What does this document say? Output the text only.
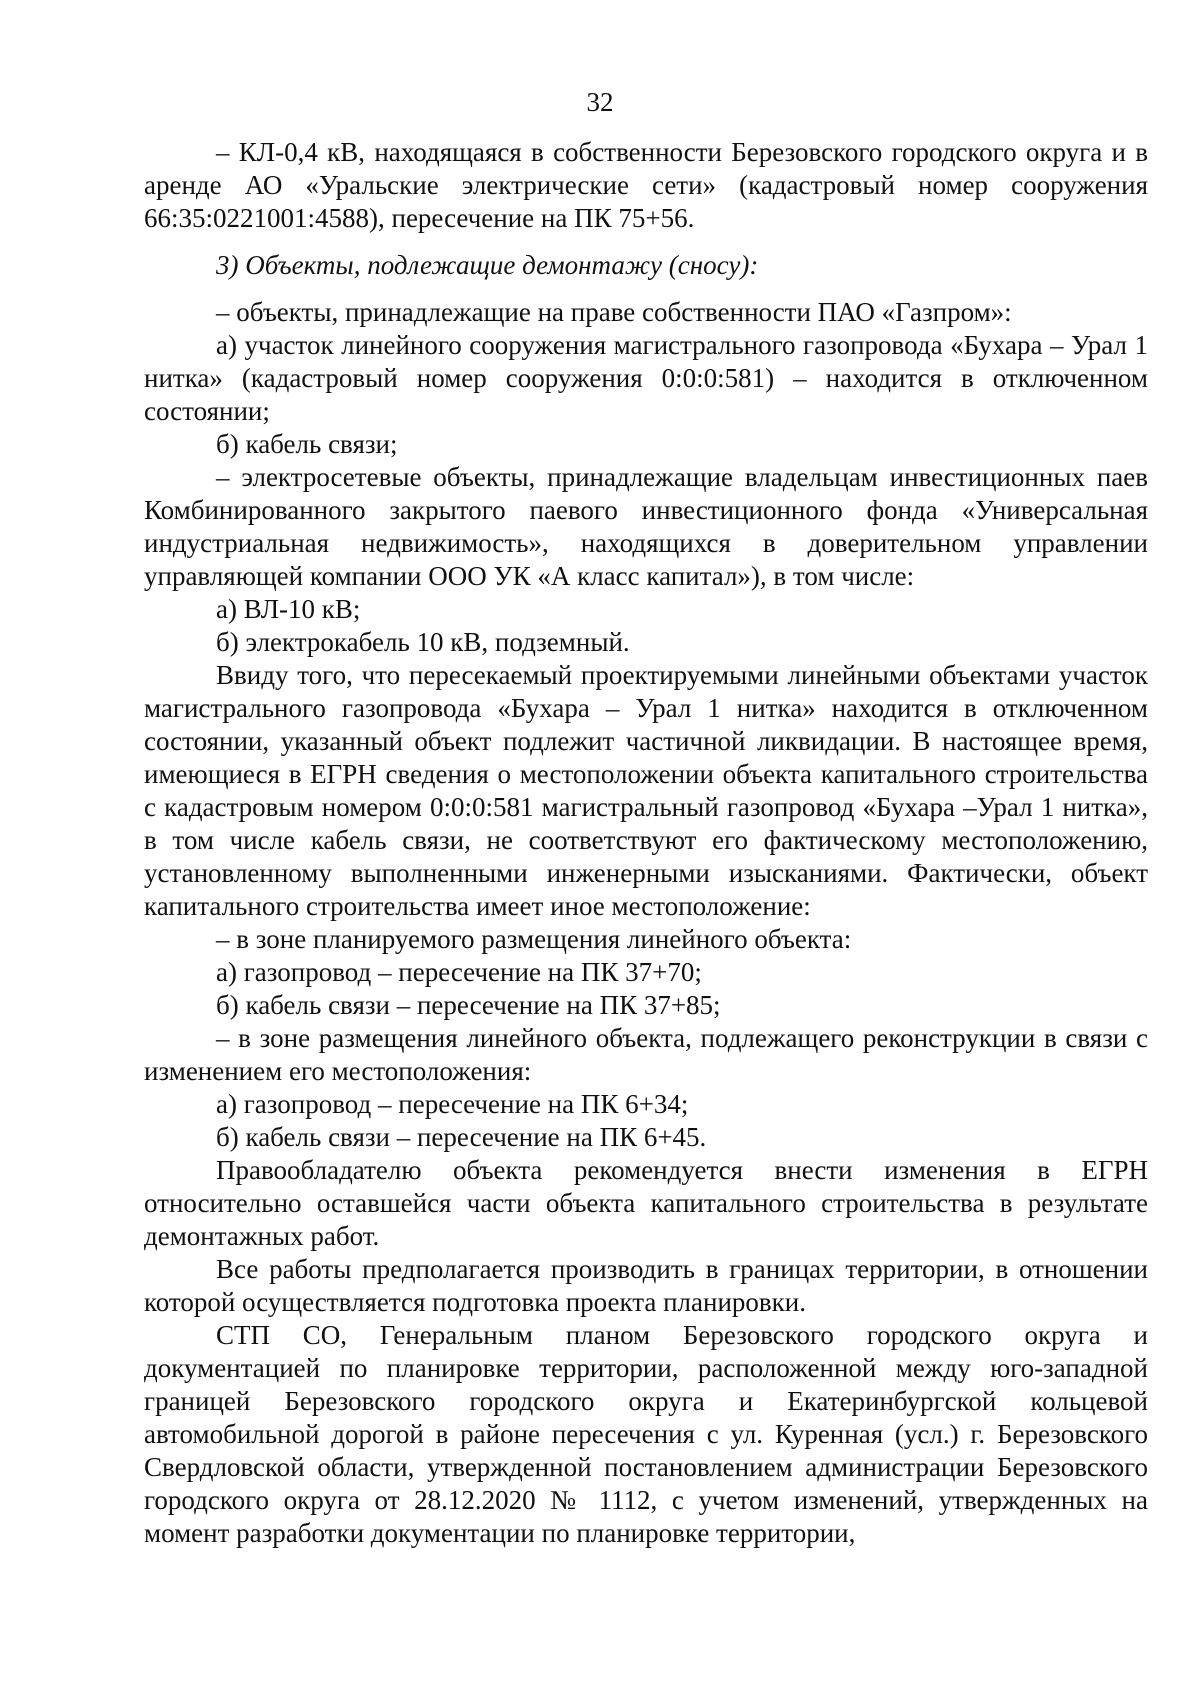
32

– КЛ-0,4 кВ, находящаяся в собственности Березовского городского округа и в аренде АО «Уральские электрические сети» (кадастровый номер сооружения 66:35:0221001:4588), пересечение на ПК 75+56.

3) Объекты, подлежащие демонтажу (сносу):

– объекты, принадлежащие на праве собственности ПАО «Газпром»:

а) участок линейного сооружения магистрального газопровода «Бухара – Урал 1 нитка» (кадастровый номер сооружения 0:0:0:581) – находится в отключенном состоянии;

б) кабель связи;

– электросетевые объекты, принадлежащие владельцам инвестиционных паев Комбинированного закрытого паевого инвестиционного фонда «Универсальная индустриальная недвижимость», находящихся в доверительном управлении управляющей компании ООО УК «А класс капитал»), в том числе:

а) ВЛ-10 кВ;

б) электрокабель 10 кВ, подземный.

Ввиду того, что пересекаемый проектируемыми линейными объектами участок магистрального газопровода «Бухара – Урал 1 нитка» находится в отключенном состоянии, указанный объект подлежит частичной ликвидации. В настоящее время, имеющиеся в ЕГРН сведения о местоположении объекта капитального строительства с кадастровым номером 0:0:0:581 магистральный газопровод «Бухара –Урал 1 нитка», в том числе кабель связи, не соответствуют его фактическому местоположению, установленному выполненными инженерными изысканиями. Фактически, объект капитального строительства имеет иное местоположение:

– в зоне планируемого размещения линейного объекта:

а) газопровод – пересечение на ПК 37+70;

б) кабель связи – пересечение на ПК 37+85;

– в зоне размещения линейного объекта, подлежащего реконструкции в связи с изменением его местоположения:

а) газопровод – пересечение на ПК 6+34;

б) кабель связи – пересечение на ПК 6+45.

Правообладателю объекта рекомендуется внести изменения в ЕГРН относительно оставшейся части объекта капитального строительства в результате демонтажных работ.

Все работы предполагается производить в границах территории, в отношении которой осуществляется подготовка проекта планировки.

СТП СО, Генеральным планом Березовского городского округа и документацией по планировке территории, расположенной между юго-западной границей Березовского городского округа и Екатеринбургской кольцевой автомобильной дорогой в районе пересечения с ул. Куренная (усл.) г. Березовского Свердловской области, утвержденной постановлением администрации Березовского городского округа от 28.12.2020 № 1112, с учетом изменений, утвержденных на момент разработки документации по планировке территории,
